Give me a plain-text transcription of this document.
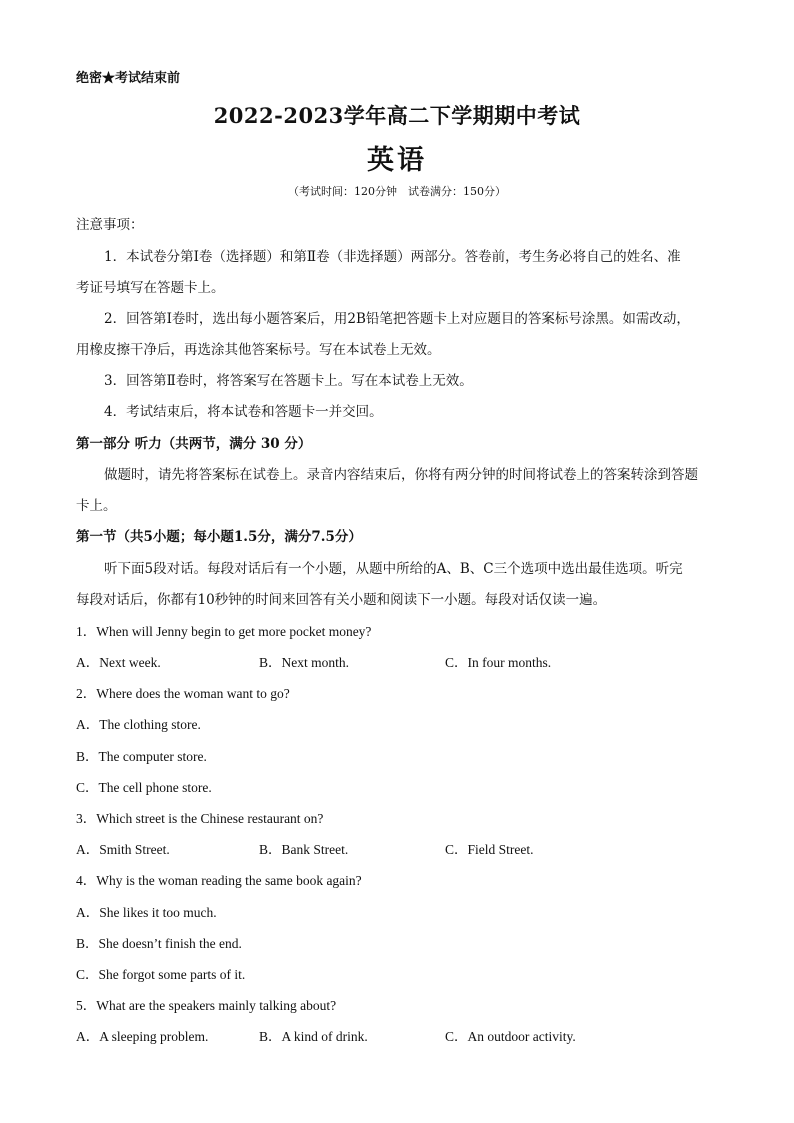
绝密★考试结束前
2022-2023学年高二下学期期中考试
英语
（考试时间：120分钟　试卷满分：150分）
注意事项：
1．本试卷分第Ⅰ卷（选择题）和第Ⅱ卷（非选择题）两部分。答卷前，考生务必将自己的姓名、准
考证号填写在答题卡上。
2．回答第Ⅰ卷时，选出每小题答案后，用2B铅笔把答题卡上对应题目的答案标号涂黑。如需改动，
用橡皮擦干净后，再选涂其他答案标号。写在本试卷上无效。
3．回答第Ⅱ卷时，将答案写在答题卡上。写在本试卷上无效。
4．考试结束后，将本试卷和答题卡一并交回。
第一部分 听力（共两节，满分 30 分）
做题时，请先将答案标在试卷上。录音内容结束后，你将有两分钟的时间将试卷上的答案转涂到答题
卡上。
第一节（共5小题；每小题1.5分，满分7.5分）
听下面5段对话。每段对话后有一个小题，从题中所给的A、B、C三个选项中选出最佳选项。听完
每段对话后，你都有10秒钟的时间来回答有关小题和阅读下一小题。每段对话仅读一遍。
1．When will Jenny begin to get more pocket money?
A．Next week.	B．Next month.	C．In four months.
2．Where does the woman want to go?
A．The clothing store.
B．The computer store.
C．The cell phone store.
3．Which street is the Chinese restaurant on?
A．Smith Street.	B．Bank Street.	C．Field Street.
4．Why is the woman reading the same book again?
A．She likes it too much.
B．She doesn’t finish the end.
C．She forgot some parts of it.
5．What are the speakers mainly talking about?
A．A sleeping problem.	B．A kind of drink.	C．An outdoor activity.
